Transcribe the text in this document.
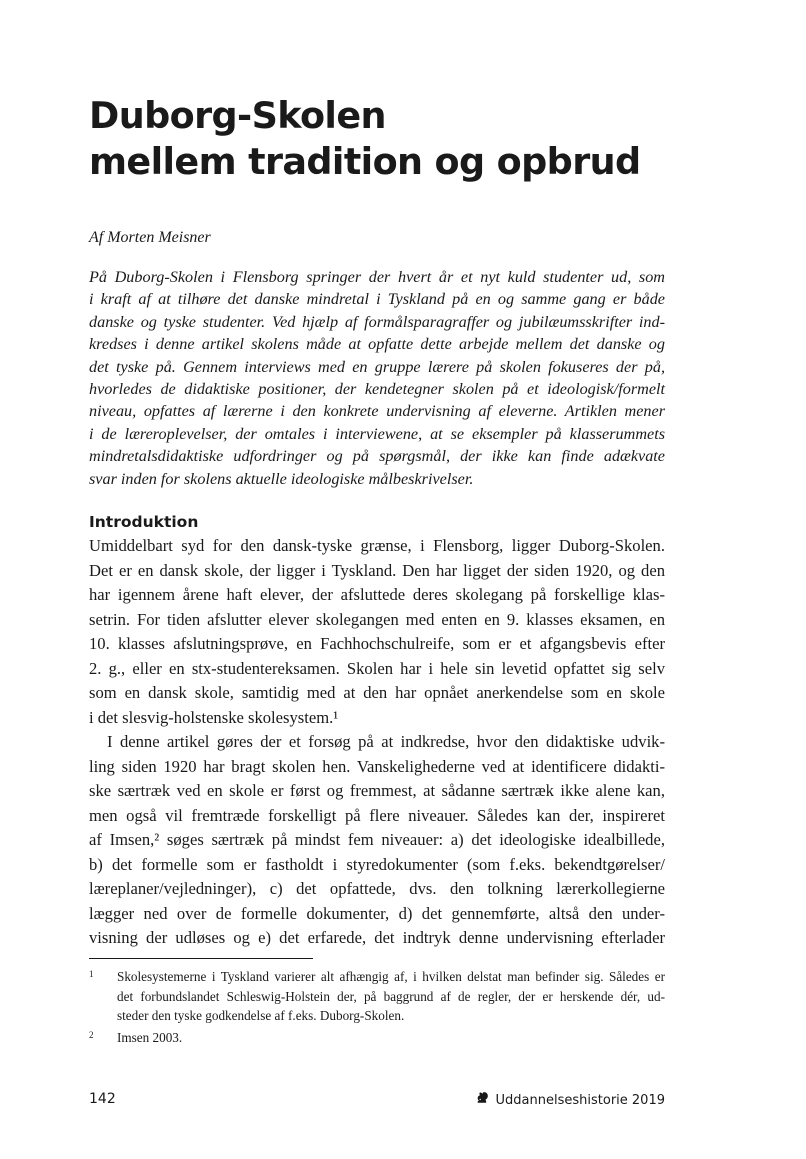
Duborg-Skolen
mellem tradition og opbrud
Af Morten Meisner

På Duborg-Skolen i Flensborg springer der hvert år et nyt kuld studenter ud, som
i kraft af at tilhøre det danske mindretal i Tyskland på en og samme gang er både
danske og tyske studenter. Ved hjælp af formålsparagraffer og jubilæumsskrifter ind-
kredses i denne artikel skolens måde at opfatte dette arbejde mellem det danske og
det tyske på. Gennem interviews med en gruppe lærere på skolen fokuseres der på,
hvorledes de didaktiske positioner, der kendetegner skolen på et ideologisk/formelt
niveau, opfattes af lærerne i den konkrete undervisning af eleverne. Artiklen mener
i de læreroplevelser, der omtales i interviewene, at se eksempler på klasserummets
mindretalsdidaktiske udfordringer og på spørgsmål, der ikke kan finde adækvate
svar inden for skolens aktuelle ideologiske målbeskrivelser.

Introduktion

Umiddelbart syd for den dansk-tyske grænse, i Flensborg, ligger Duborg-Skolen.
Det er en dansk skole, der ligger i Tyskland. Den har ligget der siden 1920, og den
har igennem årene haft elever, der afsluttede deres skolegang på forskellige klas-
setrin. For tiden afslutter elever skolegangen med enten en 9. klasses eksamen, en
10. klasses afslutningsprøve, en Fachhochschulreife, som er et afgangsbevis efter
2. g., eller en stx-studentereksamen. Skolen har i hele sin levetid opfattet sig selv
som en dansk skole, samtidig med at den har opnået anerkendelse som en skole
i det slesvig-holstenske skolesystem.¹
I denne artikel gøres der et forsøg på at indkredse, hvor den didaktiske udvik-
ling siden 1920 har bragt skolen hen. Vanskelighederne ved at identificere didakti-
ske særtræk ved en skole er først og fremmest, at sådanne særtræk ikke alene kan,
men også vil fremtræde forskelligt på flere niveauer. Således kan der, inspireret
af Imsen,² søges særtræk på mindst fem niveauer: a) det ideologiske idealbillede,
b) det formelle som er fastholdt i styredokumenter (som f.eks. bekendtgørelser/
læreplaner/vejledninger), c) det opfattede, dvs. den tolkning lærerkollegierne
lægger ned over de formelle dokumenter, d) det gennemførte, altså den under-
visning der udløses og e) det erfarede, det indtryk denne undervisning efterlader

1 Skolesystemerne i Tyskland varierer alt afhængig af, i hvilken delstat man befinder sig. Således er
det forbundslandet Schleswig-Holstein der, på baggrund af de regler, der er herskende dér, ud-
steder den tyske godkendelse af f.eks. Duborg-Skolen.
2 Imsen 2003.
142	Uddannelseshistorie 2019
